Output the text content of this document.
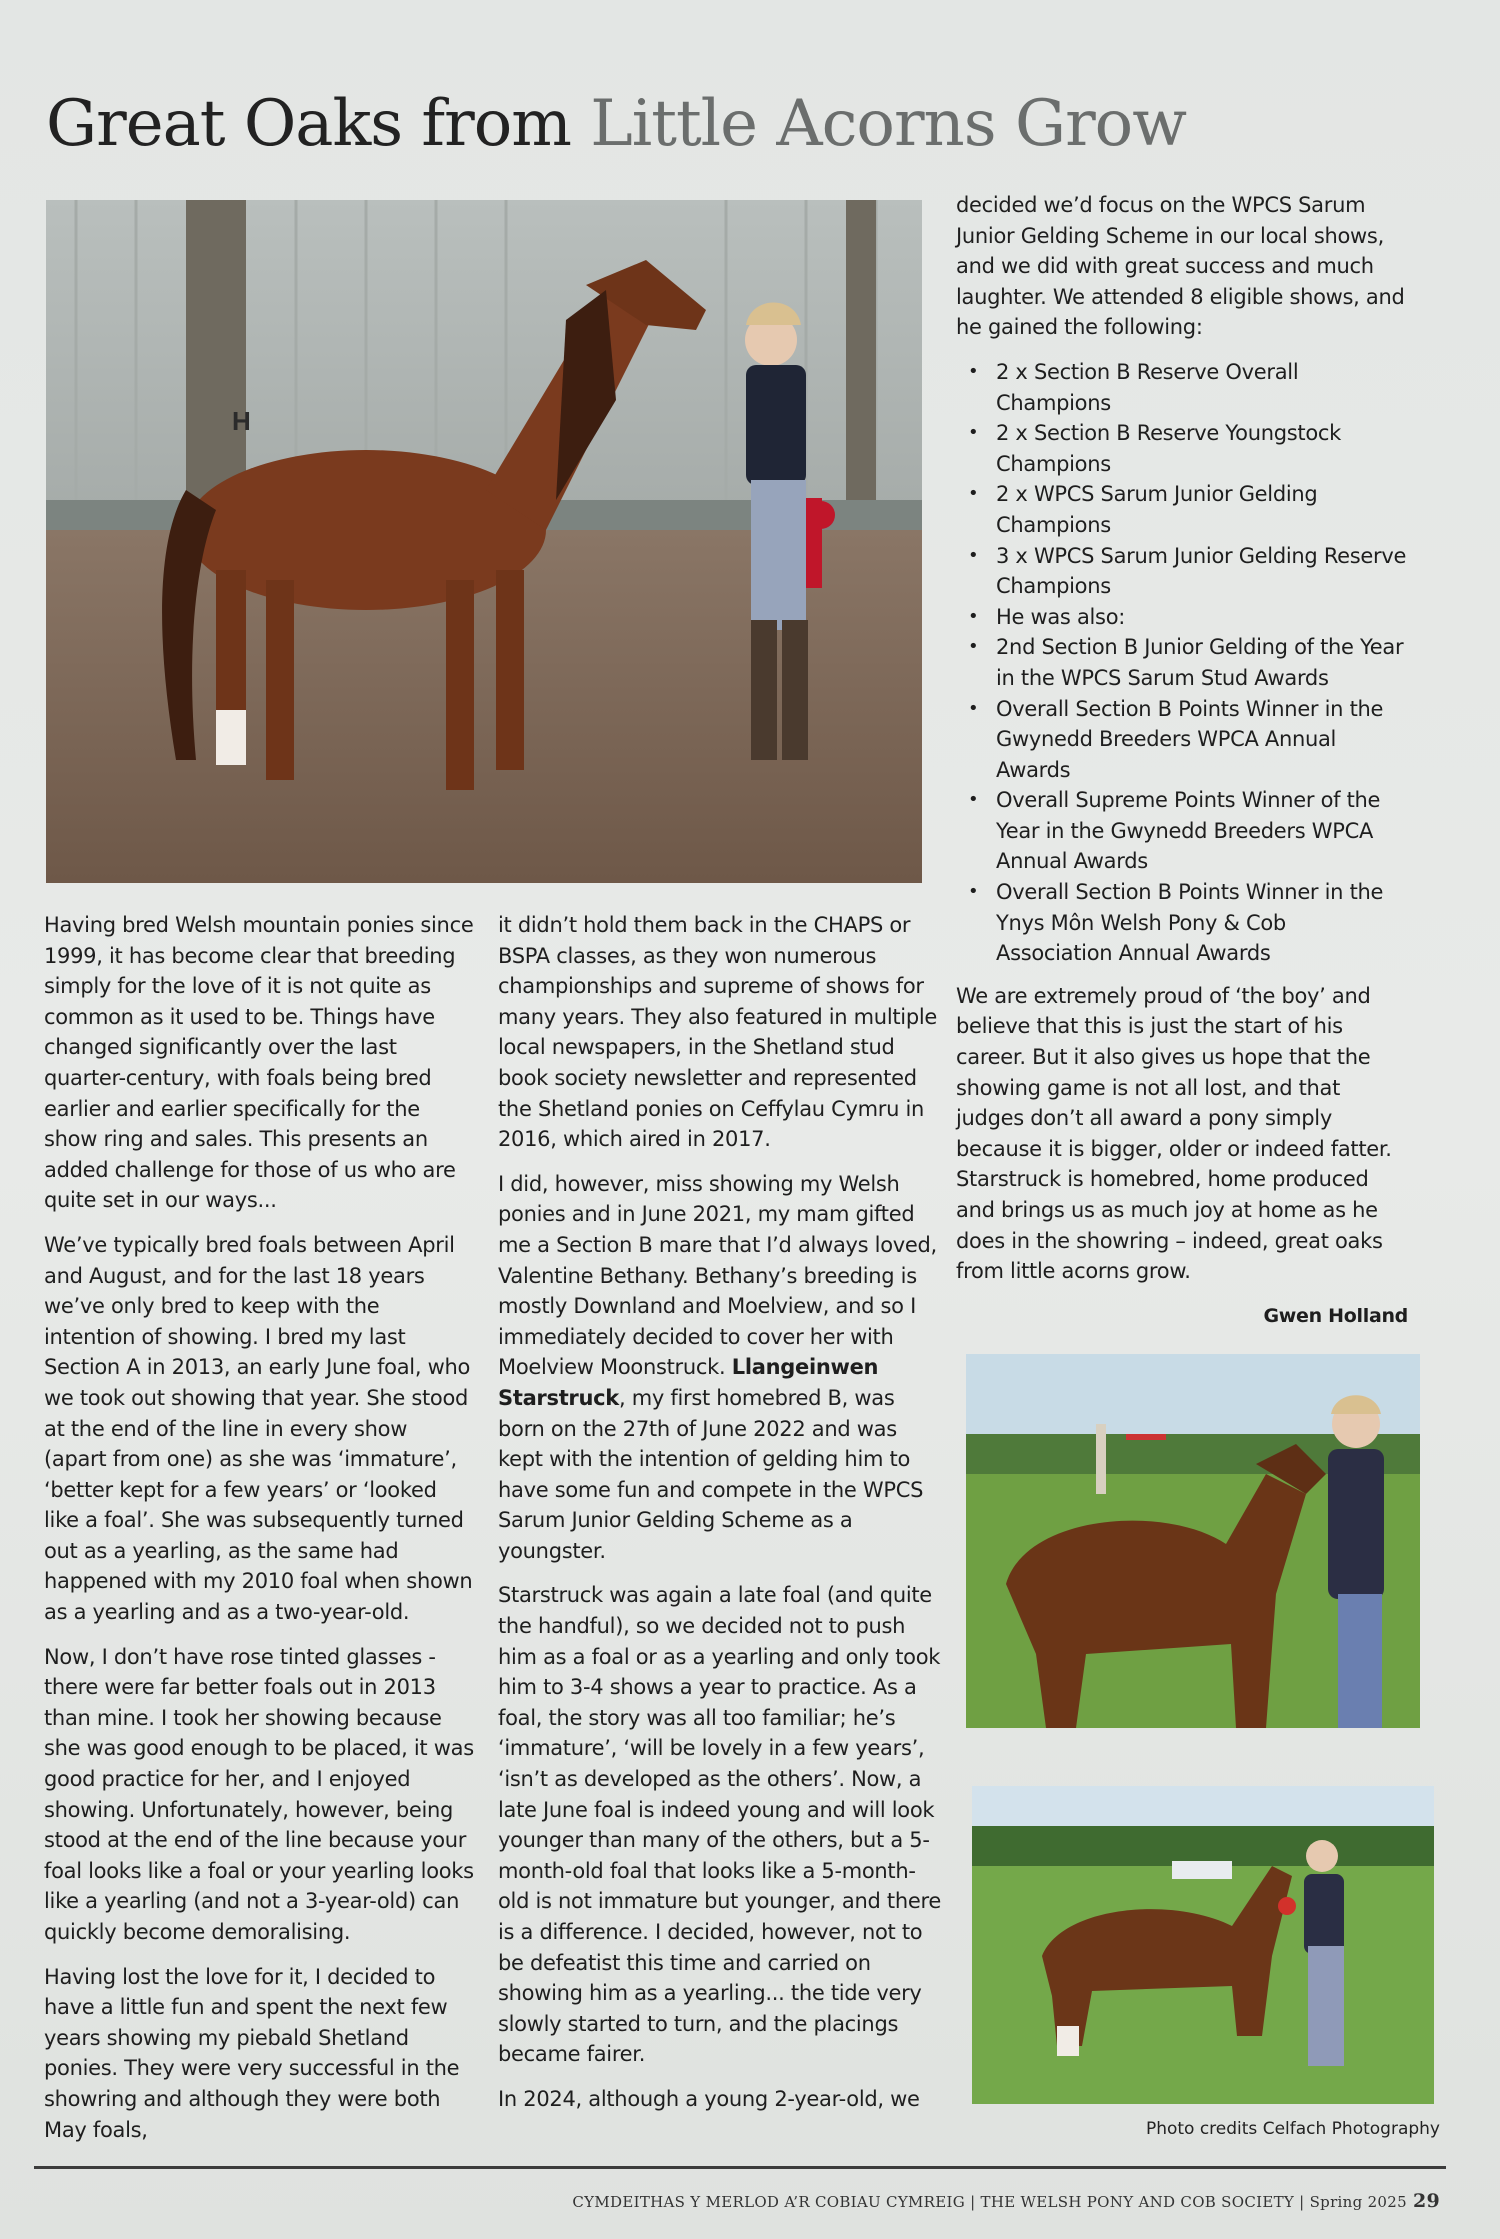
Great Oaks from Little Acorns Grow
H

Having bred Welsh mountain ponies since 1999, it has become clear that breeding simply for the love of it is not quite as common as it used to be. Things have changed significantly over the last quarter-century, with foals being bred earlier and earlier specifically for the show ring and sales. This presents an added challenge for those of us who are quite set in our ways...

We’ve typically bred foals between April and August, and for the last 18 years we’ve only bred to keep with the intention of showing. I bred my last Section A in 2013, an early June foal, who we took out showing that year. She stood at the end of the line in every show (apart from one) as she was ‘immature’, ‘better kept for a few years’ or ‘looked like a foal’. She was subsequently turned out as a yearling, as the same had happened with my 2010 foal when shown as a yearling and as a two-year-old.

Now, I don’t have rose tinted glasses - there were far better foals out in 2013 than mine. I took her showing because she was good enough to be placed, it was good practice for her, and I enjoyed showing. Unfortunately, however, being stood at the end of the line because your foal looks like a foal or your yearling looks like a yearling (and not a 3-year-old) can quickly become demoralising.

Having lost the love for it, I decided to have a little fun and spent the next few years showing my piebald Shetland ponies. They were very successful in the showring and although they were both May foals,

it didn’t hold them back in the CHAPS or BSPA classes, as they won numerous championships and supreme of shows for many years. They also featured in multiple local newspapers, in the Shetland stud book society newsletter and represented the Shetland ponies on Ceffylau Cymru in 2016, which aired in 2017.

I did, however, miss showing my Welsh ponies and in June 2021, my mam gifted me a Section B mare that I’d always loved, Valentine Bethany. Bethany’s breeding is mostly Downland and Moelview, and so I immediately decided to cover her with Moelview Moonstruck. Llangeinwen Starstruck, my first homebred B, was born on the 27th of June 2022 and was kept with the intention of gelding him to have some fun and compete in the WPCS Sarum Junior Gelding Scheme as a youngster.

Starstruck was again a late foal (and quite the handful), so we decided not to push him as a foal or as a yearling and only took him to 3-4 shows a year to practice. As a foal, the story was all too familiar; he’s ‘immature’, ‘will be lovely in a few years’, ‘isn’t as developed as the others’. Now, a late June foal is indeed young and will look younger than many of the others, but a 5-month-old foal that looks like a 5-month-old is not immature but younger, and there is a difference. I decided, however, not to be defeatist this time and carried on showing him as a yearling... the tide very slowly started to turn, and the placings became fairer.

In 2024, although a young 2-year-old, we

decided we’d focus on the WPCS Sarum Junior Gelding Scheme in our local shows, and we did with great success and much laughter. We attended 8 eligible shows, and he gained the following:

• 2 x Section B Reserve Overall Champions
• 2 x Section B Reserve Youngstock Champions
• 2 x WPCS Sarum Junior Gelding Champions
• 3 x WPCS Sarum Junior Gelding Reserve Champions
• He was also:
• 2nd Section B Junior Gelding of the Year in the WPCS Sarum Stud Awards
• Overall Section B Points Winner in the Gwynedd Breeders WPCA Annual Awards
• Overall Supreme Points Winner of the Year in the Gwynedd Breeders WPCA Annual Awards
• Overall Section B Points Winner in the Ynys Môn Welsh Pony & Cob Association Annual Awards

We are extremely proud of ‘the boy’ and believe that this is just the start of his career. But it also gives us hope that the showing game is not all lost, and that judges don’t all award a pony simply because it is bigger, older or indeed fatter. Starstruck is homebred, home produced and brings us as much joy at home as he does in the showring – indeed, great oaks from little acorns grow.

Gwen Holland
Photo credits Celfach Photography
CYMDEITHAS Y MERLOD A’R COBIAU CYMREIG | THE WELSH PONY AND COB SOCIETY | Spring 2025 29
